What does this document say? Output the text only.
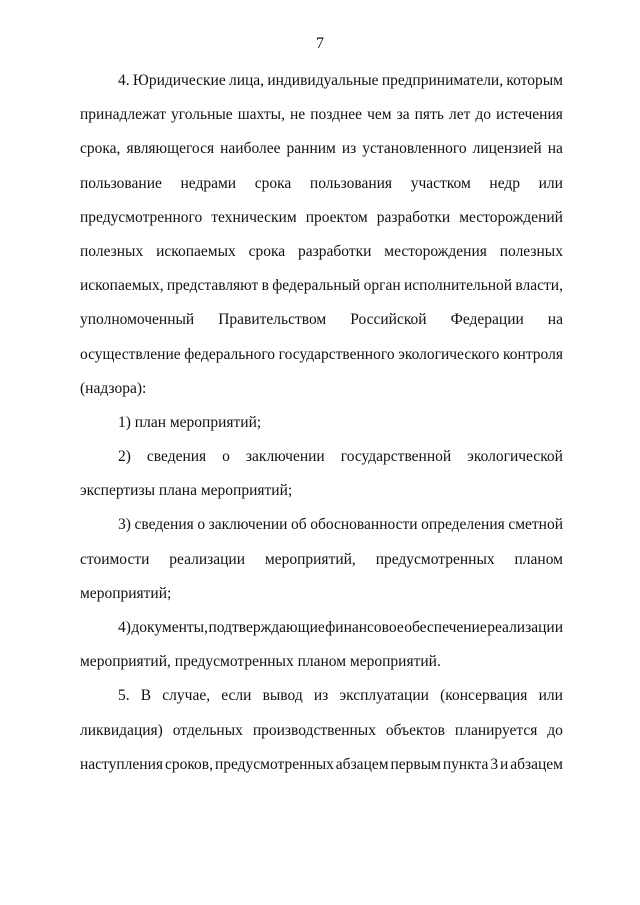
7
4. Юридические лица, индивидуальные предприниматели, которым
принадлежат угольные шахты, не позднее чем за пять лет до истечения
срока, являющегося наиболее ранним из установленного лицензией на
пользование недрами срока пользования участком недр или
предусмотренного техническим проектом разработки месторождений
полезных ископаемых срока разработки месторождения полезных
ископаемых, представляют в федеральный орган исполнительной власти,
уполномоченный Правительством Российской Федерации на
осуществление федерального государственного экологического контроля
(надзора):
1) план мероприятий;
2) сведения о заключении государственной экологической
экспертизы плана мероприятий;
3) сведения о заключении об обоснованности определения сметной
стоимости реализации мероприятий, предусмотренных планом
мероприятий;
4) документы, подтверждающие финансовое обеспечение реализации
мероприятий, предусмотренных планом мероприятий.
5. В случае, если вывод из эксплуатации (консервация или
ликвидация) отдельных производственных объектов планируется до
наступления сроков, предусмотренных абзацем первым пункта 3 и абзацем
